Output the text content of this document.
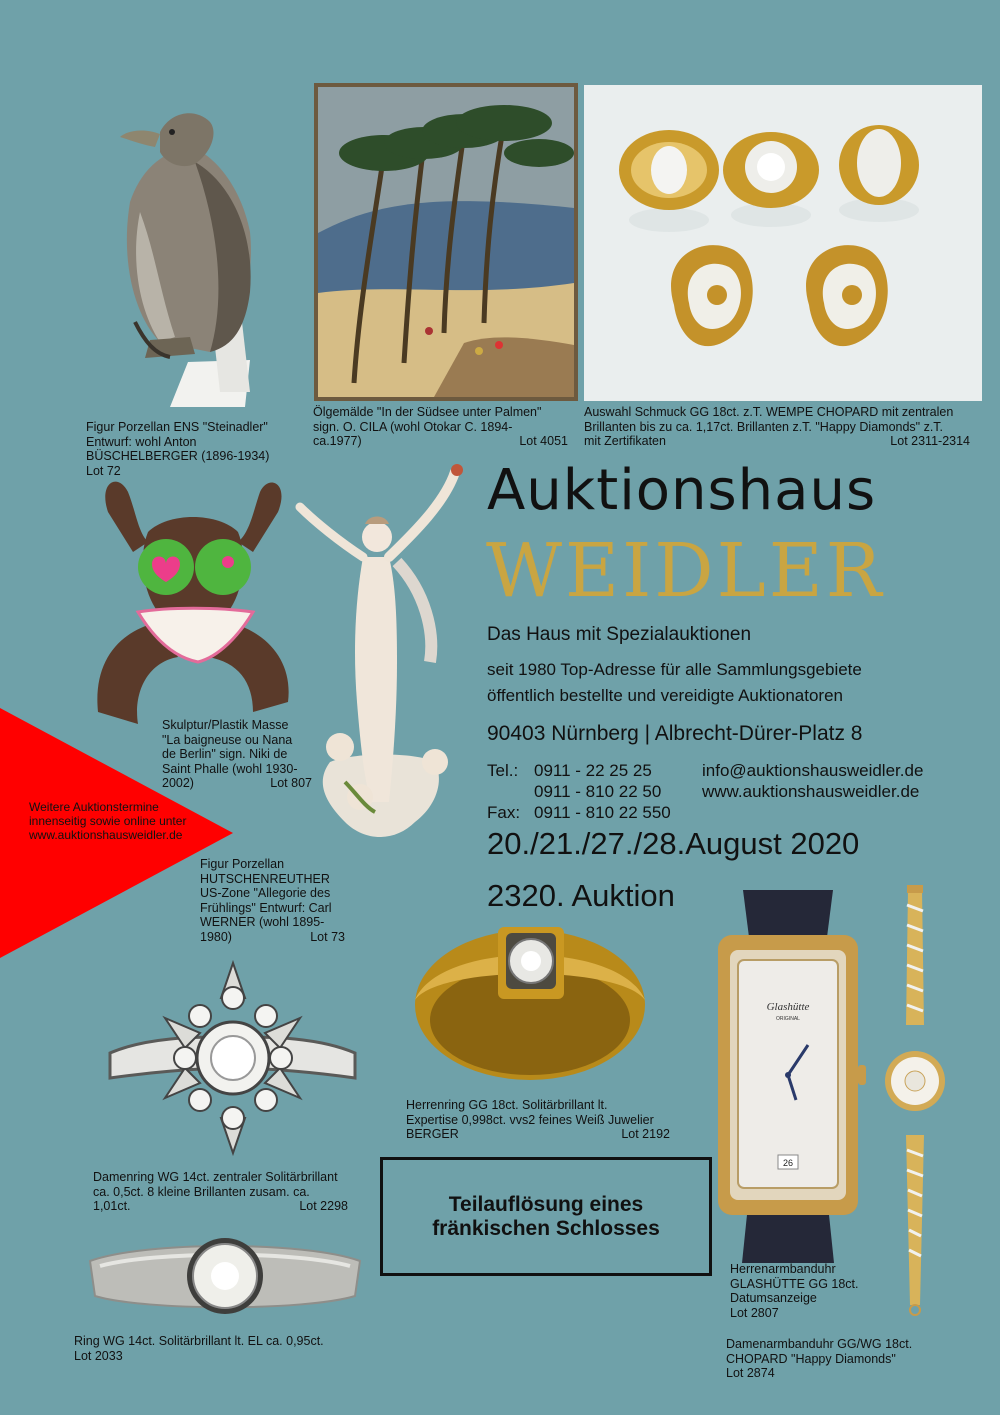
Weitere Auktionstermine
innenseitig sowie online unter
www.auktionshausweidler.de
Figur Porzellan ENS "Steinadler"
Entwurf: wohl Anton
BÜSCHELBERGER (1896-1934)
Lot 72
Ölgemälde "In der Südsee unter Palmen"
sign. O. CILA (wohl Otokar C. 1894-
ca.1977)	Lot 4051
Auswahl Schmuck GG 18ct. z.T. WEMPE CHOPARD mit zentralen
Brillanten bis zu ca. 1,17ct. Brillanten z.T. "Happy Diamonds" z.T.
mit Zertifikaten	Lot 2311-2314
Skulptur/Plastik Masse
"La baigneuse ou Nana
de Berlin" sign. Niki de
Saint Phalle (wohl 1930-
2002)	Lot 807
Figur Porzellan
HUTSCHENREUTHER
US-Zone "Allegorie des
Frühlings" Entwurf: Carl
WERNER (wohl 1895-
1980)	Lot 73
Auktionshaus
WEIDLER
Das Haus mit Spezialauktionen
seit 1980 Top-Adresse für alle Sammlungsgebiete
öffentlich bestellte und vereidigte Auktionatoren
90403 Nürnberg | Albrecht-Dürer-Platz 8
Tel.: 0911 - 22 25 25
0911 - 810 22 50
Fax: 0911 - 810 22 550
info@auktionshausweidler.de
www.auktionshausweidler.de
20./21./27./28.August 2020
2320. Auktion
Damenring WG 14ct. zentraler Solitärbrillant
ca. 0,5ct. 8 kleine Brillanten zusam. ca.
1,01ct.	Lot 2298
Ring WG 14ct. Solitärbrillant lt. EL ca. 0,95ct.
Lot 2033
Herrenring GG 18ct. Solitärbrillant lt.
Expertise 0,998ct. vvs2 feines Weiß Juwelier
BERGER	Lot 2192
Teilauflösung eines
fränkischen Schlosses
26
Glashütte
ORIGINAL
Herrenarmbanduhr
GLASHÜTTE GG 18ct.
Datumsanzeige
Lot 2807
Damenarmbanduhr GG/WG 18ct.
CHOPARD "Happy Diamonds"
Lot 2874
